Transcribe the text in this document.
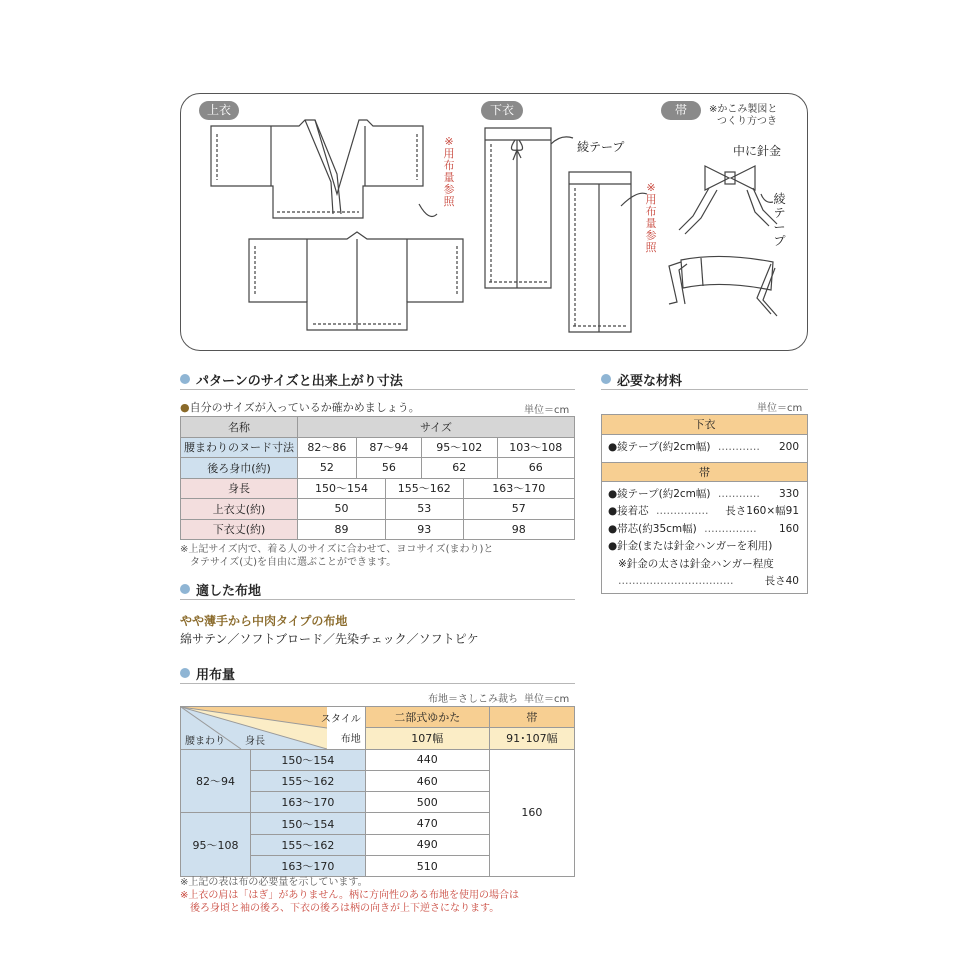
上衣	下衣	帯	※かこみ製図と
つくり方つき
※用布量参照
※用布量参照
綾テープ	中に針金
綾テープ
パターンのサイズと出来上がり寸法
●自分のサイズが入っているか確かめましょう。	単位＝cm
名称	サイズ					
腰まわりのヌード寸法	82～86	87～94		95～102		103～108
後ろ身巾(約)	52	56		62		66
身長	150～154		155～162		163～170	
上衣丈(約)	50		53		57	
下衣丈(約)	89		93		98	
※上記サイズ内で、着る人のサイズに合わせて、ヨコサイズ(まわり)と
タテサイズ(丈)を自由に選ぶことができます。
適した布地
やや薄手から中肉タイプの布地
綿サテン／ソフトブロード／先染チェック／ソフトピケ
用布量
布地＝さしこみ裁ち 単位＝cm
スタイル
布地
腰まわり 身長		二部式ゆかた	帯
		107幅	91･107幅
82～94	150～154	440	160
	155～162	460	
	163～170	500	
95～108	150～154	470	
	155～162	490	
	163～170	510	
※上記の表は布の必要量を示しています。
※上衣の肩は「はぎ」がありません。柄に方向性のある布地を使用の場合は
後ろ身頃と袖の後ろ、下衣の後ろは柄の向きが上下逆さになります。
必要な材料
単位＝cm
下衣
●綾テープ(約2cm幅) ………… 200
帯
●綾テープ(約2cm幅) ………… 330
●接着芯 …………… 長さ160×幅91
●帯芯(約35cm幅) …………… 160
●針金(または針金ハンガーを利用)
※針金の太さは針金ハンガー程度
……………………………	長さ40
